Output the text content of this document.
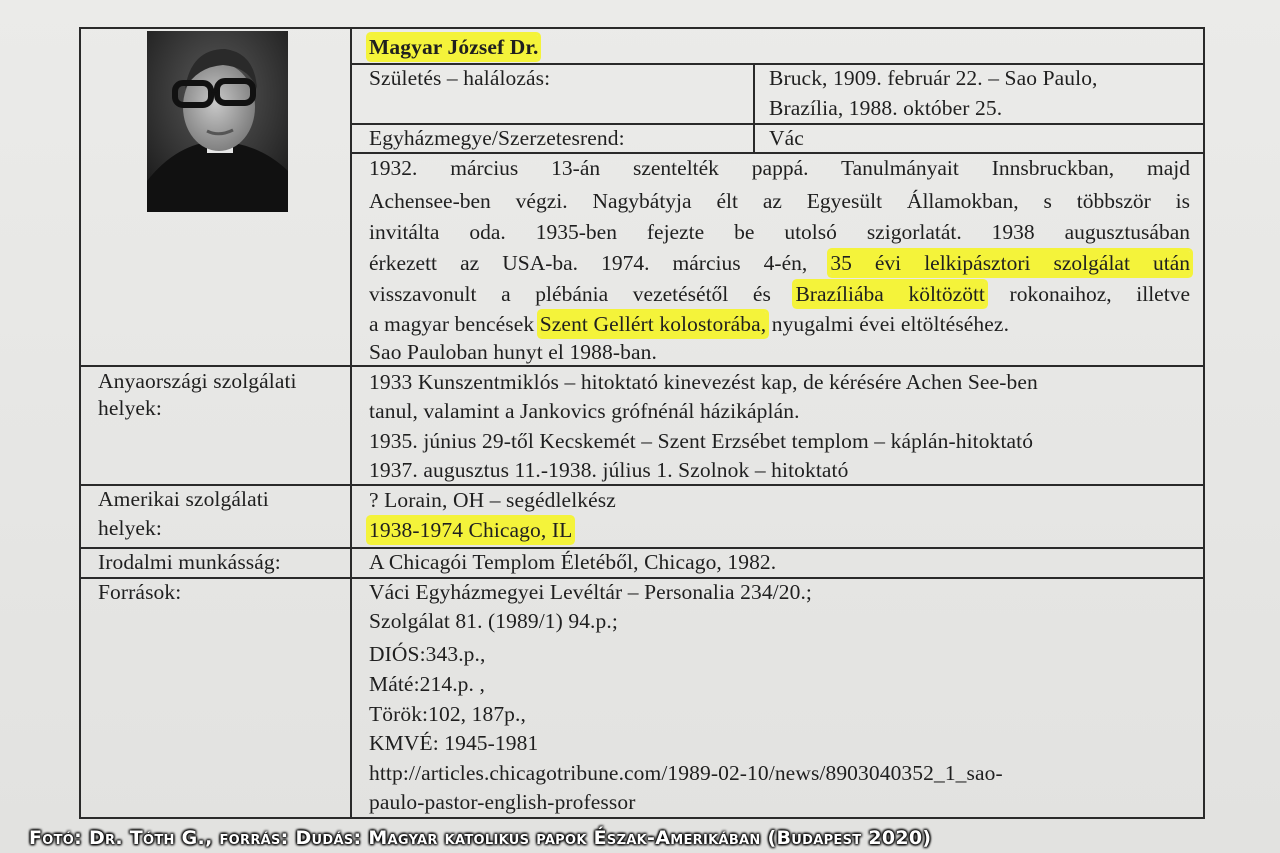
Magyar József Dr.
Születés – halálozás:	Bruck, 1909. február 22. – Sao Paulo,
Brazília, 1988. október 25.
Egyházmegye/Szerzetesrend:	Vác
1932. március 13-án szentelték pappá. Tanulmányait Innsbruckban, majd
Achensee-ben végzi. Nagybátyja élt az Egyesült Államokban, s többször is
invitálta oda. 1935-ben fejezte be utolsó szigorlatát. 1938 augusztusában
érkezett az USA-ba. 1974. március 4-én, 35 évi lelkipásztori szolgálat után
visszavonult a plébánia vezetésétől és Brazíliába költözött rokonaihoz, illetve
a magyar bencések Szent Gellért kolostorába, nyugalmi évei eltöltéséhez.
Sao Pauloban hunyt el 1988-ban.
Anyaországi szolgálati
helyek:
1933 Kunszentmiklós – hitoktató kinevezést kap, de kérésére Achen See-ben
tanul, valamint a Jankovics grófnénál házikáplán.
1935. június 29-től Kecskemét – Szent Erzsébet templom – káplán-hitoktató
1937. augusztus 11.-1938. július 1. Szolnok – hitoktató
Amerikai szolgálati
helyek:
? Lorain, OH – segédlelkész
1938-1974 Chicago, IL
Irodalmi munkásság:	A Chicagói Templom Életéből, Chicago, 1982.
Források:	Váci Egyházmegyei Levéltár – Personalia 234/20.;
Szolgálat 81. (1989/1) 94.p.;
DIÓS:343.p.,
Máté:214.p. ,
Török:102, 187p.,
KMVÉ: 1945-1981
http://articles.chicagotribune.com/1989-02-10/news/8903040352_1_sao-
paulo-pastor-english-professor
Fotó: Dr. Tóth G., forrás: Dudás: Magyar katolikus papok Észak-Amerikában (Budapest 2020)
